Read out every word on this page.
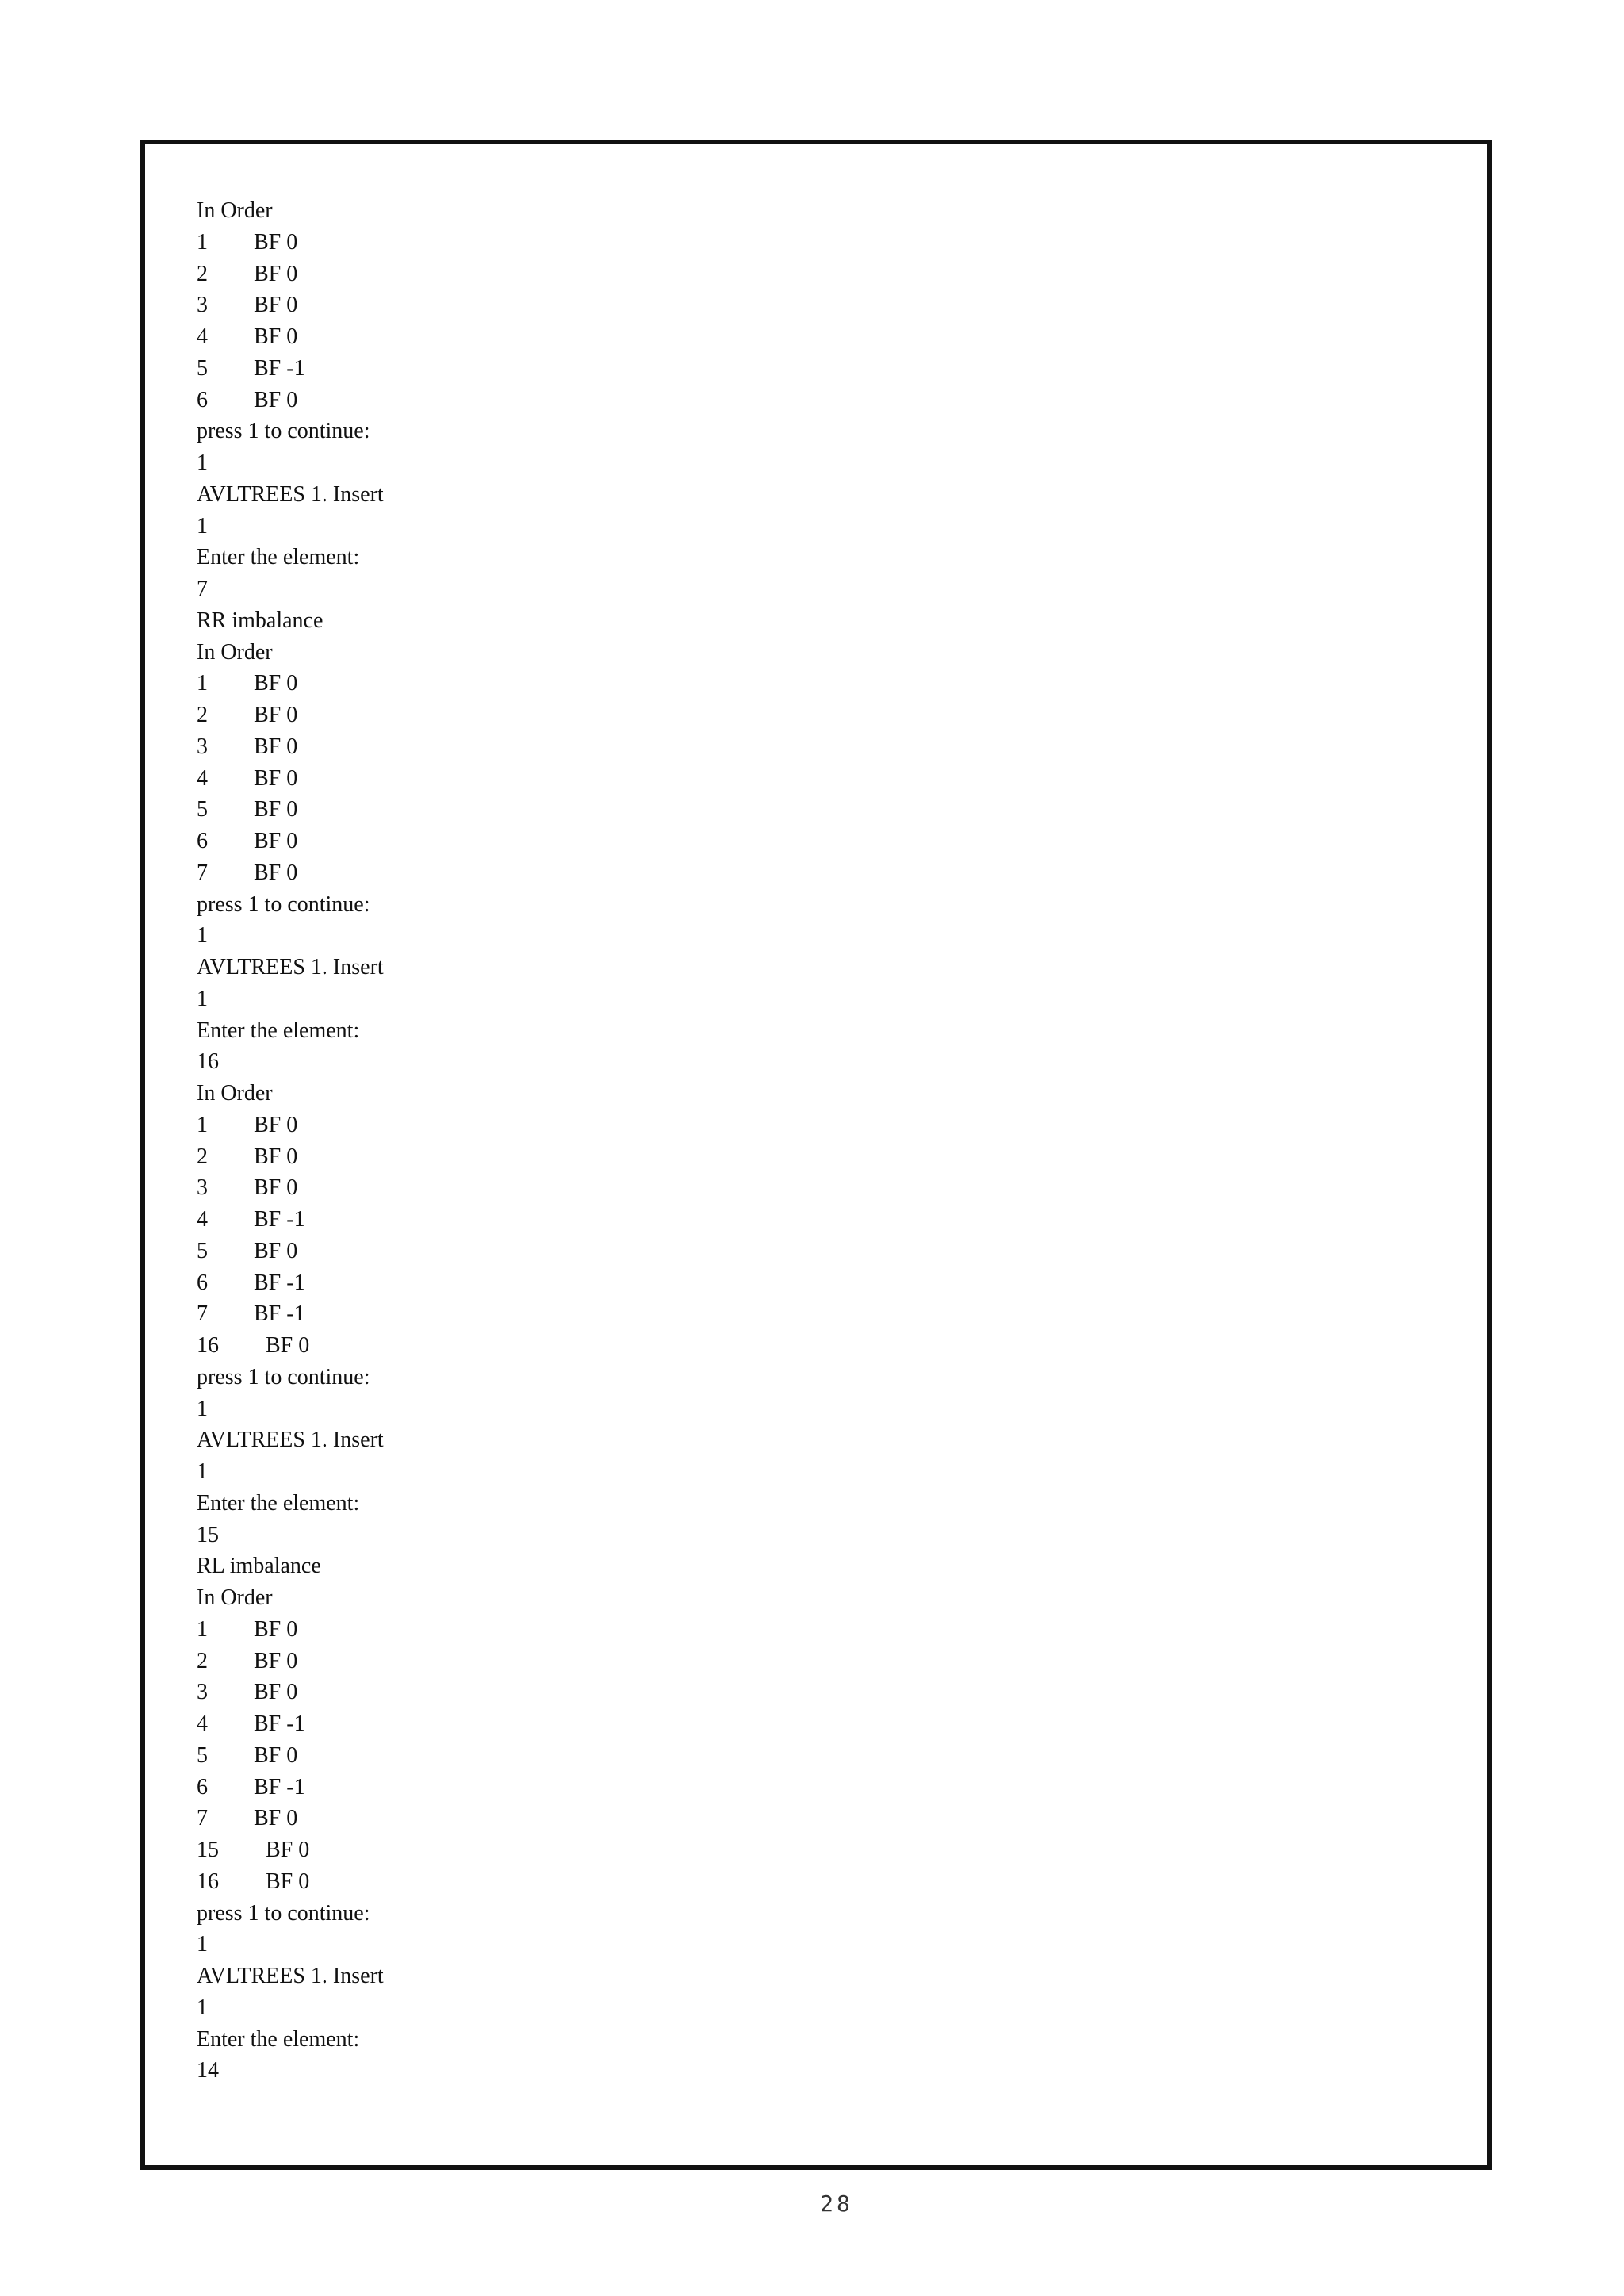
In Order
1	BF 0
2	BF 0
3	BF 0
4	BF 0
5	BF -1
6	BF 0
press 1 to continue:
1
AVLTREES 1. Insert
1
Enter the element:
7
RR imbalance
In Order
1	BF 0
2	BF 0
3	BF 0
4	BF 0
5	BF 0
6	BF 0
7	BF 0
press 1 to continue:
1
AVLTREES 1. Insert
1
Enter the element:
16
In Order
1	BF 0
2	BF 0
3	BF 0
4	BF -1
5	BF 0
6	BF -1
7	BF -1
16	BF 0
press 1 to continue:
1
AVLTREES 1. Insert
1
Enter the element:
15
RL imbalance
In Order
1	BF 0
2	BF 0
3	BF 0
4	BF -1
5	BF 0
6	BF -1
7	BF 0
15	BF 0
16	BF 0
press 1 to continue:
1
AVLTREES 1. Insert
1
Enter the element:
14
28
